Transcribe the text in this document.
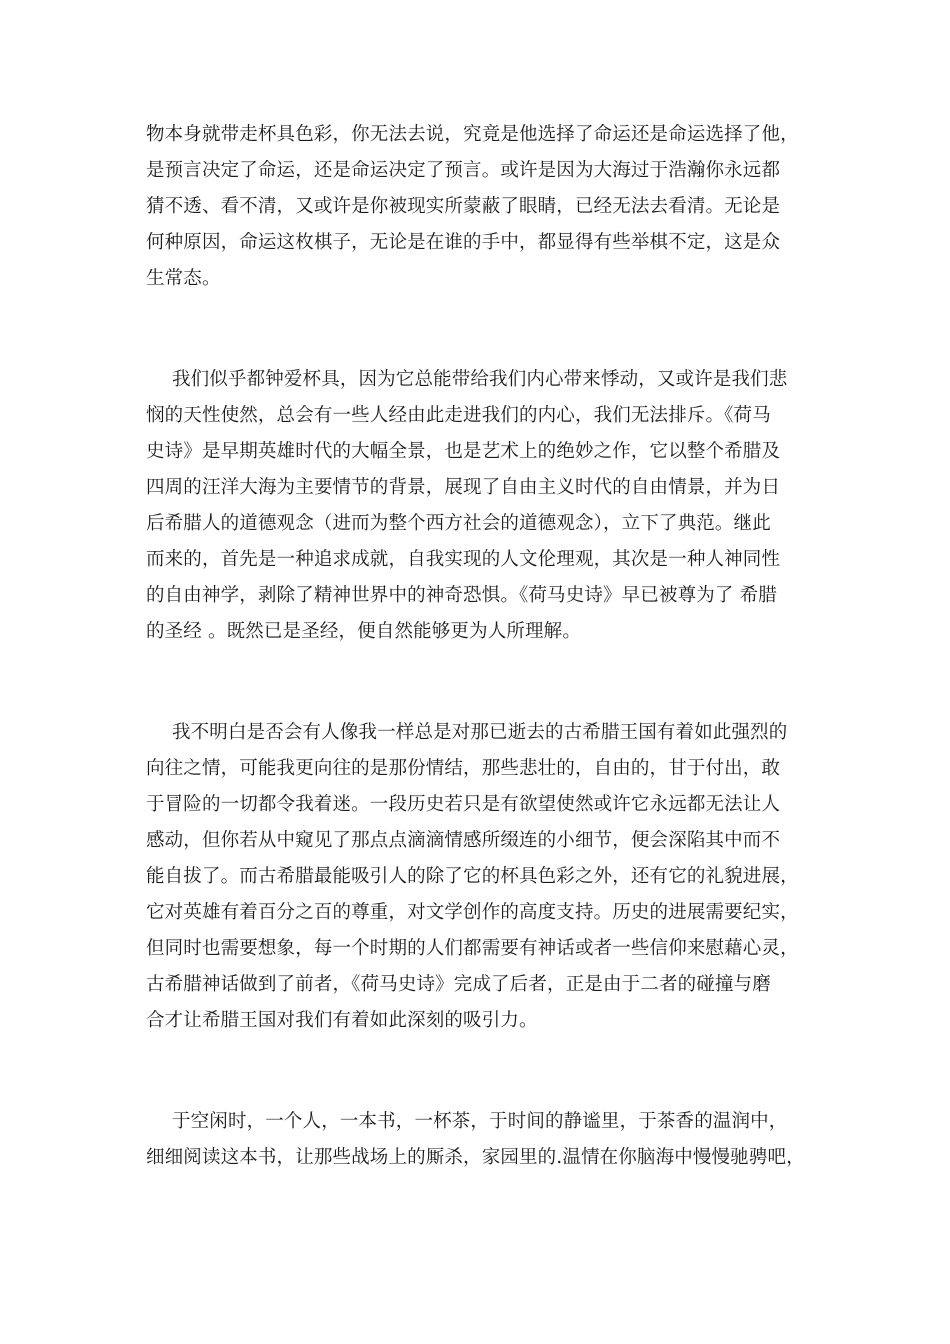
物本身就带走杯具色彩，你无法去说，究竟是他选择了命运还是命运选择了他，
是预言决定了命运，还是命运决定了预言。或许是因为大海过于浩瀚你永远都
猜不透、看不清，又或许是你被现实所蒙蔽了眼睛，已经无法去看清。无论是
何种原因，命运这枚棋子，无论是在谁的手中，都显得有些举棋不定，这是众
生常态。
我们似乎都钟爱杯具，因为它总能带给我们内心带来悸动，又或许是我们悲
悯的天性使然，总会有一些人经由此走进我们的内心，我们无法排斥。《荷马
史诗》是早期英雄时代的大幅全景，也是艺术上的绝妙之作，它以整个希腊及
四周的汪洋大海为主要情节的背景，展现了自由主义时代的自由情景，并为日
后希腊人的道德观念（进而为整个西方社会的道德观念），立下了典范。继此
而来的，首先是一种追求成就，自我实现的人文伦理观，其次是一种人神同性
的自由神学，剥除了精神世界中的神奇恐惧。《荷马史诗》早已被尊为了 希腊
的圣经 。既然已是圣经，便自然能够更为人所理解。
我不明白是否会有人像我一样总是对那已逝去的古希腊王国有着如此强烈的
向往之情，可能我更向往的是那份情结，那些悲壮的，自由的，甘于付出，敢
于冒险的一切都令我着迷。一段历史若只是有欲望使然或许它永远都无法让人
感动，但你若从中窥见了那点点滴滴情感所缀连的小细节，便会深陷其中而不
能自拔了。而古希腊最能吸引人的除了它的杯具色彩之外，还有它的礼貌进展，
它对英雄有着百分之百的尊重，对文学创作的高度支持。历史的进展需要纪实，
但同时也需要想象，每一个时期的人们都需要有神话或者一些信仰来慰藉心灵，
古希腊神话做到了前者，《荷马史诗》完成了后者，正是由于二者的碰撞与磨
合才让希腊王国对我们有着如此深刻的吸引力。
于空闲时，一个人，一本书，一杯茶，于时间的静谧里，于茶香的温润中，
细细阅读这本书，让那些战场上的厮杀，家园里的.温情在你脑海中慢慢驰骋吧，
